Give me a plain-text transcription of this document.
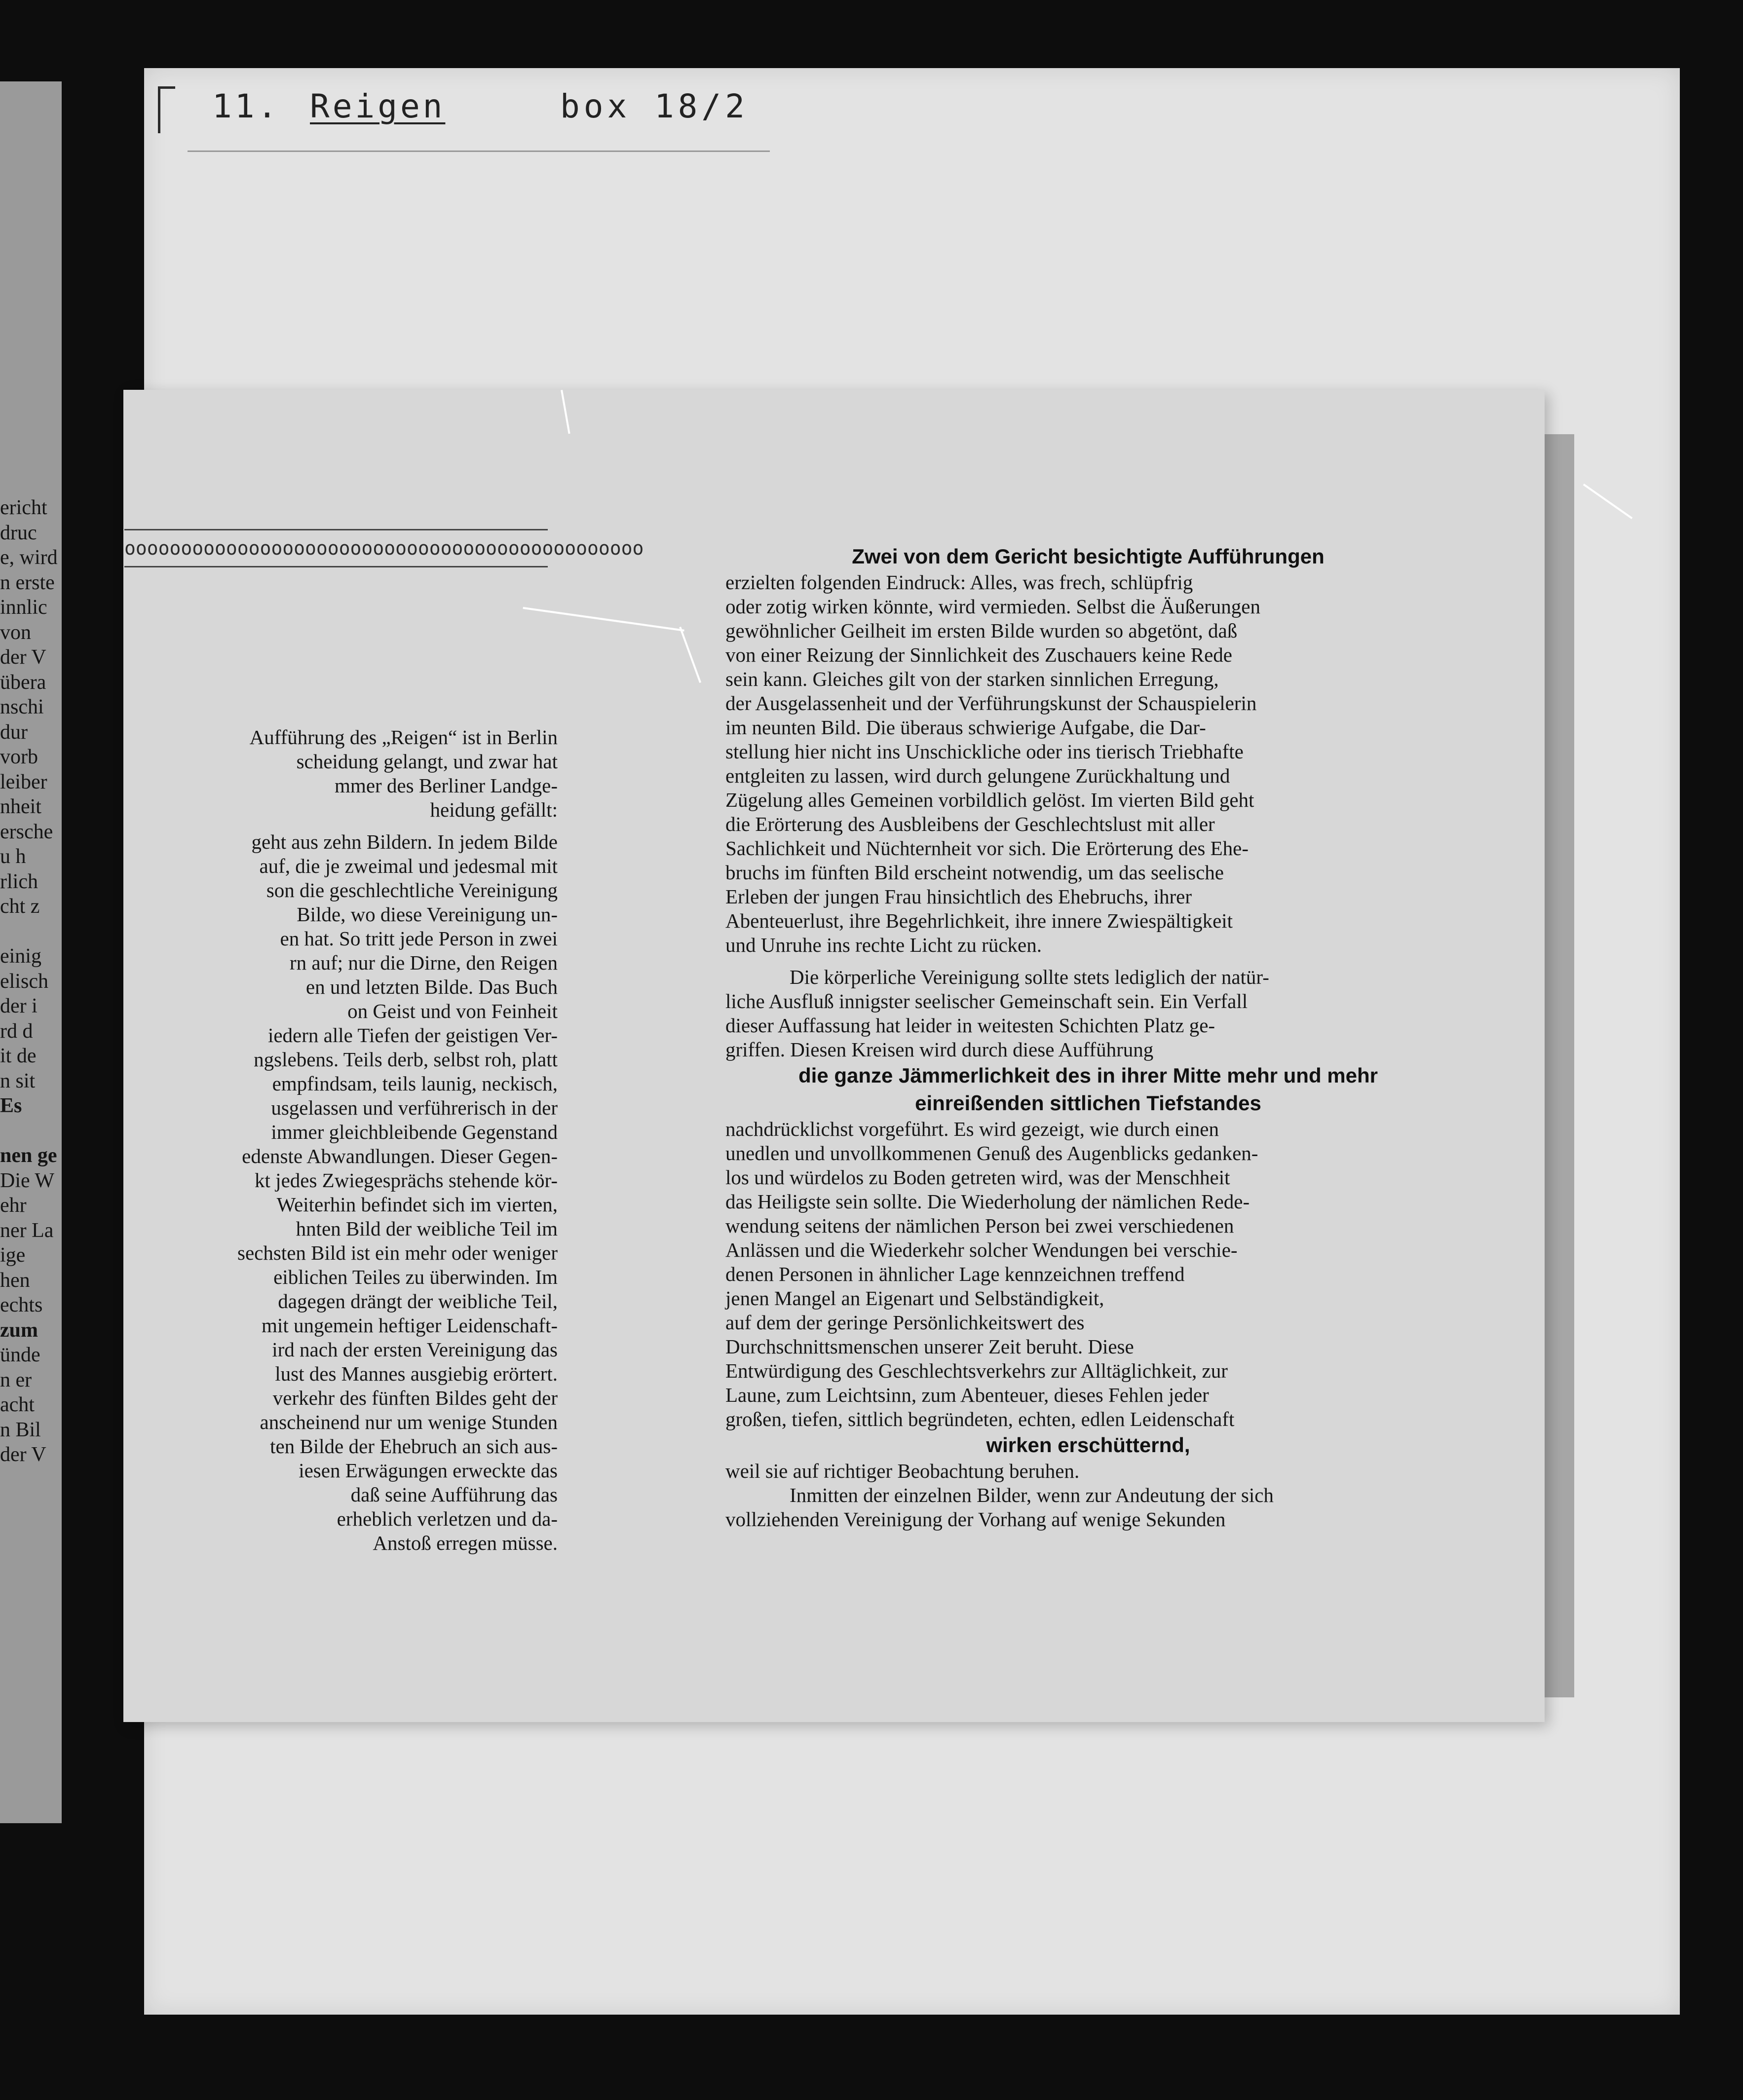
ericht
druc
e, wird
n erste
innlic
von
der V
übera
nschi
dur
vorb
leiber
nheit
ersche
u h
rlich
cht z
einig
elisch
der i
rd d
it de
n sit
Es
nen ge
Die W
ehr
ner La
ige
hen
echts
zum
ünde
n er
acht
n Bil
der V
11. Reigen	box 18/2
oooooooooooooooooooooooooooooooooooooooooooooo
Aufführung des „Reigen“ ist in Berlin
scheidung gelangt, und zwar hat
mmer des Berliner Landge-
heidung gefällt:
geht aus zehn Bildern. In jedem Bilde
auf, die je zweimal und jedesmal mit
son die geschlechtliche Vereinigung
Bilde, wo diese Vereinigung un-
en hat. So tritt jede Person in zwei
rn auf; nur die Dirne, den Reigen
en und letzten Bilde. Das Buch
on Geist und von Feinheit
iedern alle Tiefen der geistigen Ver-
ngslebens. Teils derb, selbst roh, platt
empfindsam, teils launig, neckisch,
usgelassen und verführerisch in der
immer gleichbleibende Gegenstand
edenste Abwandlungen. Dieser Gegen-
kt jedes Zwiegesprächs stehende kör-
Weiterhin befindet sich im vierten,
hnten Bild der weibliche Teil im
sechsten Bild ist ein mehr oder weniger
eiblichen Teiles zu überwinden. Im
dagegen drängt der weibliche Teil,
mit ungemein heftiger Leidenschaft-
ird nach der ersten Vereinigung das
lust des Mannes ausgiebig erörtert.
verkehr des fünften Bildes geht der
anscheinend nur um wenige Stunden
ten Bilde der Ehebruch an sich aus-
iesen Erwägungen erweckte das
daß seine Aufführung das
erheblich verletzen und da-
Anstoß erregen müsse.
Zwei von dem Gericht besichtigte Aufführungen
erzielten folgenden Eindruck: Alles, was frech, schlüpfrig
oder zotig wirken könnte, wird vermieden. Selbst die Äußerungen
gewöhnlicher Geilheit im ersten Bilde wurden so abgetönt, daß
von einer Reizung der Sinnlichkeit des Zuschauers keine Rede
sein kann. Gleiches gilt von der starken sinnlichen Erregung,
der Ausgelassenheit und der Verführungskunst der Schauspielerin
im neunten Bild. Die überaus schwierige Aufgabe, die Dar-
stellung hier nicht ins Unschickliche oder ins tierisch Triebhafte
entgleiten zu lassen, wird durch gelungene Zurückhaltung und
Zügelung alles Gemeinen vorbildlich gelöst. Im vierten Bild geht
die Erörterung des Ausbleibens der Geschlechtslust mit aller
Sachlichkeit und Nüchternheit vor sich. Die Erörterung des Ehe-
bruchs im fünften Bild erscheint notwendig, um das seelische
Erleben der jungen Frau hinsichtlich des Ehebruchs, ihrer
Abenteuerlust, ihre Begehrlichkeit, ihre innere Zwiespältigkeit
und Unruhe ins rechte Licht zu rücken.
Die körperliche Vereinigung sollte stets lediglich der natür-
liche Ausfluß innigster seelischer Gemeinschaft sein. Ein Verfall
dieser Auffassung hat leider in weitesten Schichten Platz ge-
griffen. Diesen Kreisen wird durch diese Aufführung
die ganze Jämmerlichkeit des in ihrer Mitte mehr und mehr
einreißenden sittlichen Tiefstandes
nachdrücklichst vorgeführt. Es wird gezeigt, wie durch einen
unedlen und unvollkommenen Genuß des Augenblicks gedanken-
los und würdelos zu Boden getreten wird, was der Menschheit
das Heiligste sein sollte. Die Wiederholung der nämlichen Rede-
wendung seitens der nämlichen Person bei zwei verschiedenen
Anlässen und die Wiederkehr solcher Wendungen bei verschie-
denen Personen in ähnlicher Lage kennzeichnen treffend
jenen Mangel an Eigenart und Selbständigkeit,
auf dem der geringe Persönlichkeitswert des
Durchschnittsmenschen unserer Zeit beruht. Diese
Entwürdigung des Geschlechtsverkehrs zur Alltäglichkeit, zur
Laune, zum Leichtsinn, zum Abenteuer, dieses Fehlen jeder
großen, tiefen, sittlich begründeten, echten, edlen Leidenschaft
wirken erschütternd,
weil sie auf richtiger Beobachtung beruhen.
Inmitten der einzelnen Bilder, wenn zur Andeutung der sich
vollziehenden Vereinigung der Vorhang auf wenige Sekunden
